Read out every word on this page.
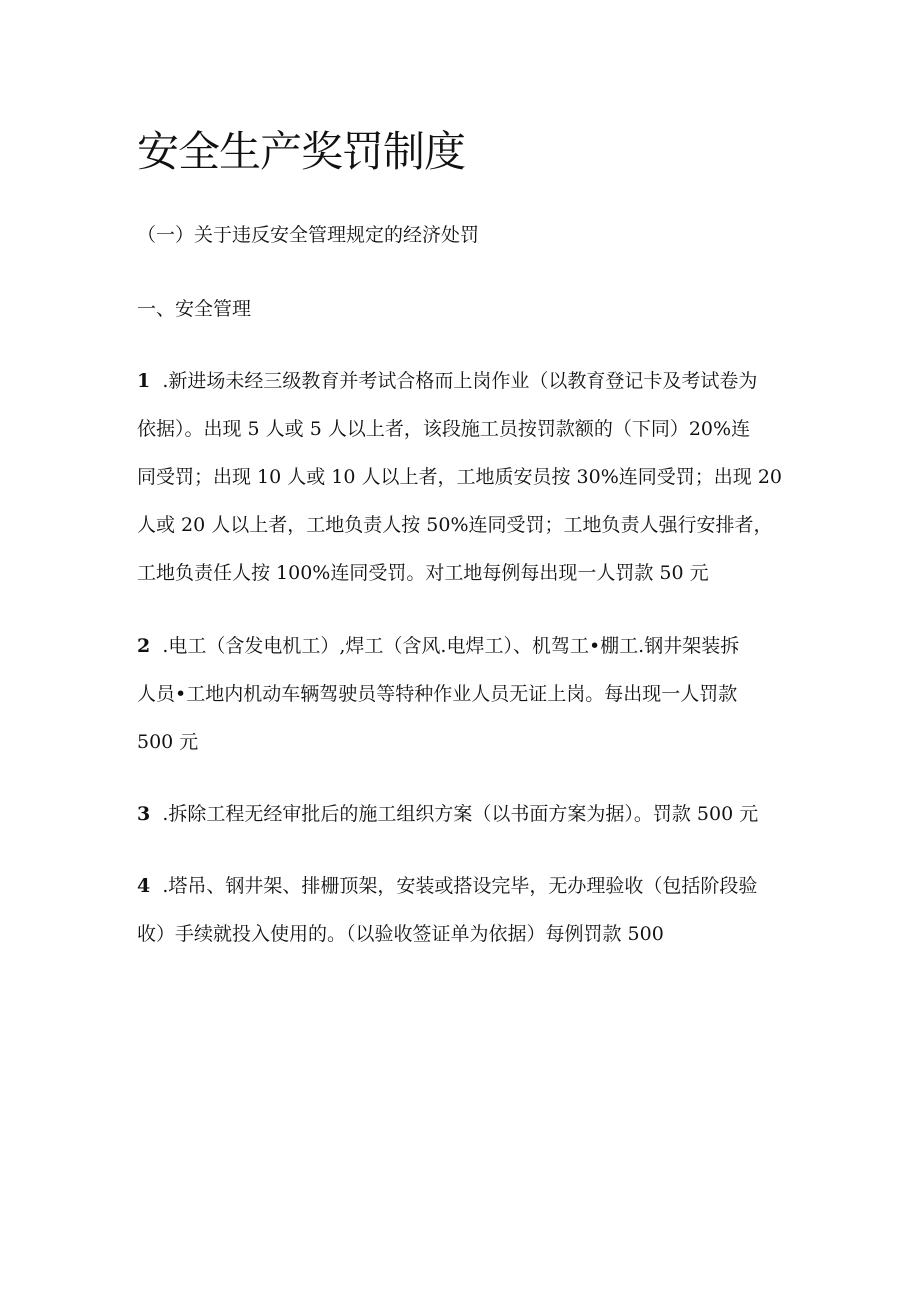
安全生产奖罚制度

（一）关于违反安全管理规定的经济处罚

一、安全管理

1 .新进场未经三级教育并考试合格而上岗作业（以教育登记卡及考试卷为
依据）。出现 5 人或 5 人以上者，该段施工员按罚款额的（下同）20%连
同受罚；出现 10 人或 10 人以上者，工地质安员按 30%连同受罚；出现 20
人或 20 人以上者，工地负责人按 50%连同受罚；工地负责人强行安排者，
工地负责任人按 100%连同受罚。对工地每例每出现一人罚款 50 元
2 .电工（含发电机工）,焊工（含风.电焊工）、机驾工•棚工.钢井架装拆
人员•工地内机动车辆驾驶员等特种作业人员无证上岗。每出现一人罚款
500 元
3 .拆除工程无经审批后的施工组织方案（以书面方案为据）。罚款 500 元
4 .塔吊、钢井架、排栅顶架，安装或搭设完毕，无办理验收（包括阶段验
收）手续就投入使用的。（以验收签证单为依据）每例罚款 500
